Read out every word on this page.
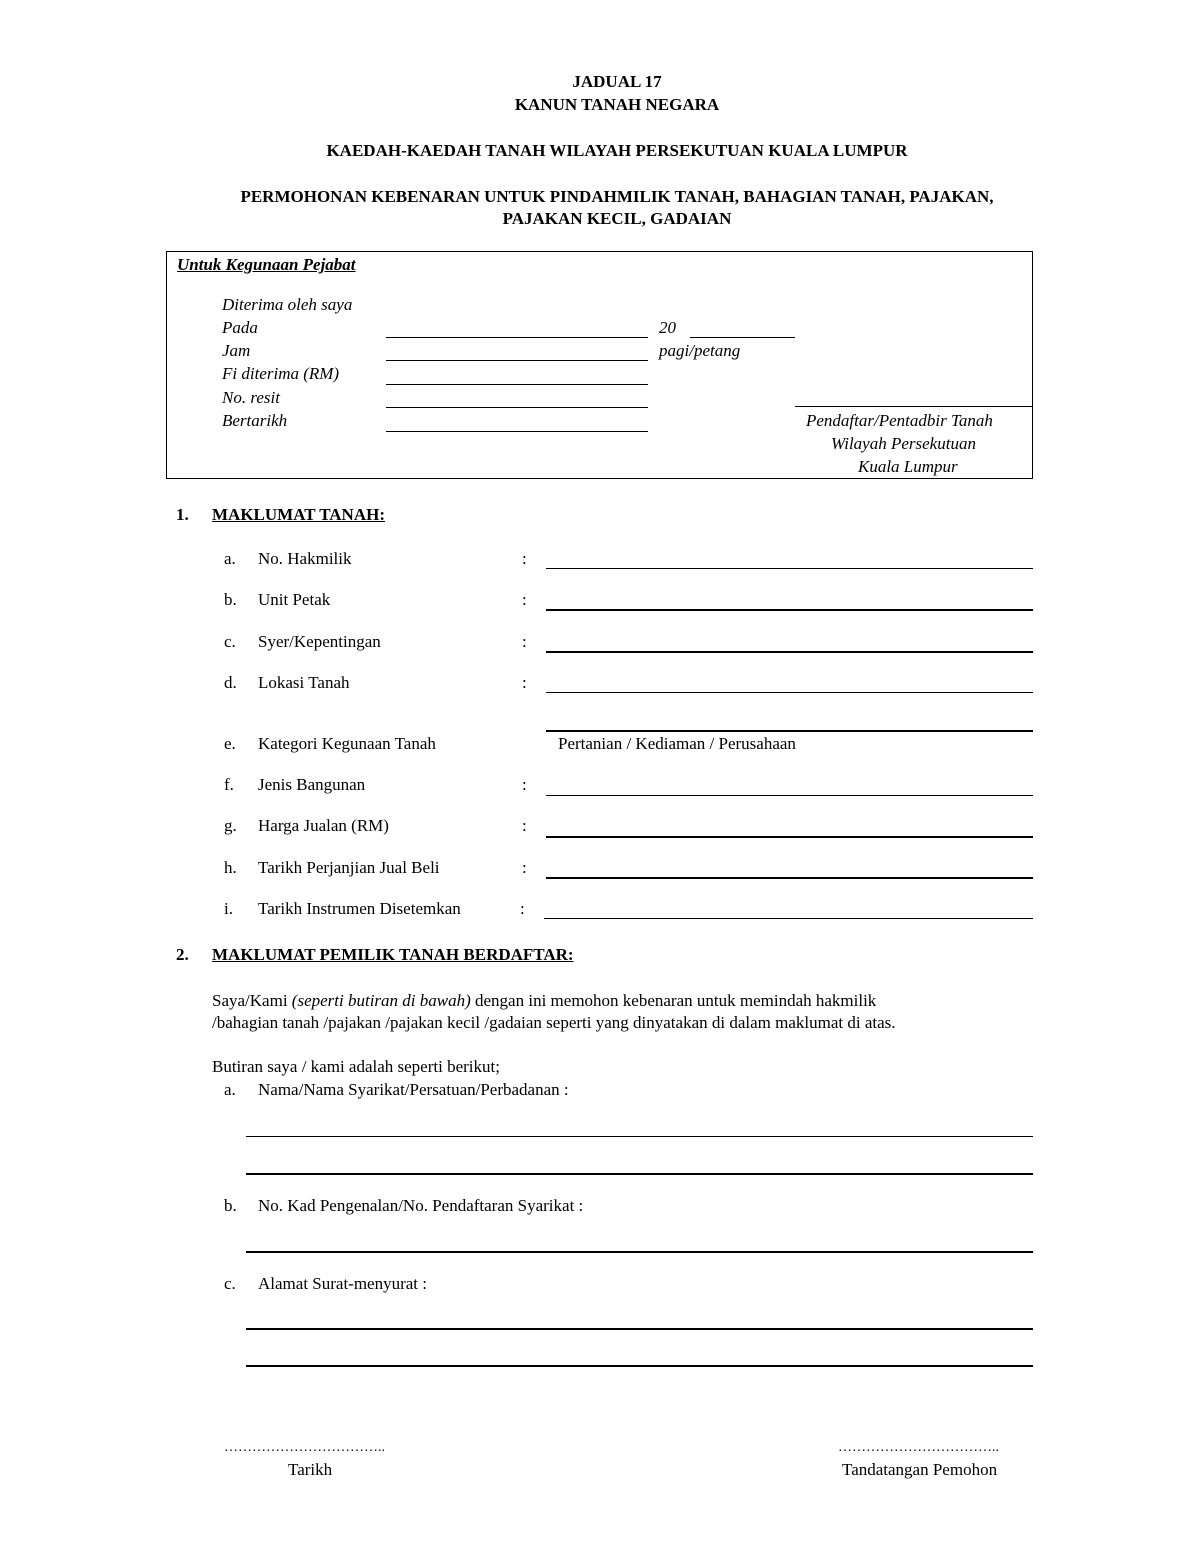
JADUAL 17
KANUN TANAH NEGARA
KAEDAH-KAEDAH TANAH WILAYAH PERSEKUTUAN KUALA LUMPUR
PERMOHONAN KEBENARAN UNTUK PINDAHMILIK TANAH, BAHAGIAN TANAH, PAJAKAN,
PAJAKAN KECIL, GADAIAN
Untuk Kegunaan Pejabat
Diterima oleh saya
Pada	20
Jam	pagi/petang
Fi diterima (RM)
No. resit
Bertarikh	Pendaftar/Pentadbir Tanah
Wilayah Persekutuan
Kuala Lumpur
1. MAKLUMAT TANAH:
a. No. Hakmilik	:
b. Unit Petak	:
c. Syer/Kepentingan	:
d. Lokasi Tanah	:
e. Kategori Kegunaan Tanah	Pertanian / Kediaman / Perusahaan
f. Jenis Bangunan	:
g. Harga Jualan (RM)	:
h. Tarikh Perjanjian Jual Beli	:
i. Tarikh Instrumen Disetemkan	:
2. MAKLUMAT PEMILIK TANAH BERDAFTAR:
Saya/Kami (seperti butiran di bawah) dengan ini memohon kebenaran untuk memindah hakmilik
/bahagian tanah /pajakan /pajakan kecil /gadaian seperti yang dinyatakan di dalam maklumat di atas.
Butiran saya / kami adalah seperti berikut;
a. Nama/Nama Syarikat/Persatuan/Perbadanan :
b. No. Kad Pengenalan/No. Pendaftaran Syarikat :
c. Alamat Surat-menyurat :
……………………………..	……………………………..
Tarikh	Tandatangan Pemohon
